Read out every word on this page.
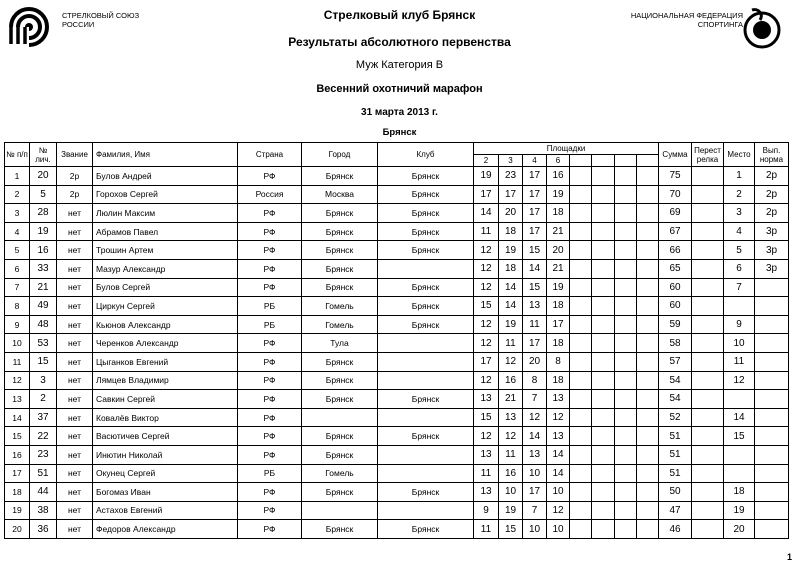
СТРЕЛКОВЫЙ СОЮЗ
РОССИИ
НАЦИОНАЛЬНАЯ ФЕДЕРАЦИЯ
СПОРТИНГА
Стрелковый клуб Брянск
Результаты абсолютного первенства
Муж Категория B
Весенний охотничий марафон
31 марта 2013 г.
Брянск
№ п/п	№ лич.	Звание	Фамилия, Имя	Страна	Город	Клуб	Площадки								Сумма	Перест релка	Место	Вып. норма
							2	3	4	6								
1	20	2р	Булов Андрей	РФ	Брянск	Брянск	19	23	17	16					75		1	2р
2	5	2р	Горохов Сергей	Россия	Москва	Брянск	17	17	17	19					70		2	2р
3	28	нет	Люлин Максим	РФ	Брянск	Брянск	14	20	17	18					69		3	2р
4	19	нет	Абрамов Павел	РФ	Брянск	Брянск	11	18	17	21					67		4	3р
5	16	нет	Трошин Артем	РФ	Брянск	Брянск	12	19	15	20					66		5	3р
6	33	нет	Мазур Александр	РФ	Брянск		12	18	14	21					65		6	3р
7	21	нет	Булов Сергей	РФ	Брянск	Брянск	12	14	15	19					60		7	
8	49	нет	Циркун Сергей	РБ	Гомель	Брянск	15	14	13	18					60			
9	48	нет	Кьюнов Александр	РБ	Гомель	Брянск	12	19	11	17					59		9	
10	53	нет	Черенков Александр	РФ	Тула		12	11	17	18					58		10	
11	15	нет	Цыганков Евгений	РФ	Брянск		17	12	20	8					57		11	
12	3	нет	Лямцев Владимир	РФ	Брянск		12	16	8	18					54		12	
13	2	нет	Савкин Сергей	РФ	Брянск	Брянск	13	21	7	13					54			
14	37	нет	Ковалёв Виктор	РФ			15	13	12	12					52		14	
15	22	нет	Васютичев Сергей	РФ	Брянск	Брянск	12	12	14	13					51		15	
16	23	нет	Инютин Николай	РФ	Брянск		13	11	13	14					51			
17	51	нет	Окунец Сергей	РБ	Гомель		11	16	10	14					51			
18	44	нет	Богомаз Иван	РФ	Брянск	Брянск	13	10	17	10					50		18	
19	38	нет	Астахов Евгений	РФ			9	19	7	12					47		19	
20	36	нет	Федоров Александр	РФ	Брянск	Брянск	11	15	10	10					46		20	
1
